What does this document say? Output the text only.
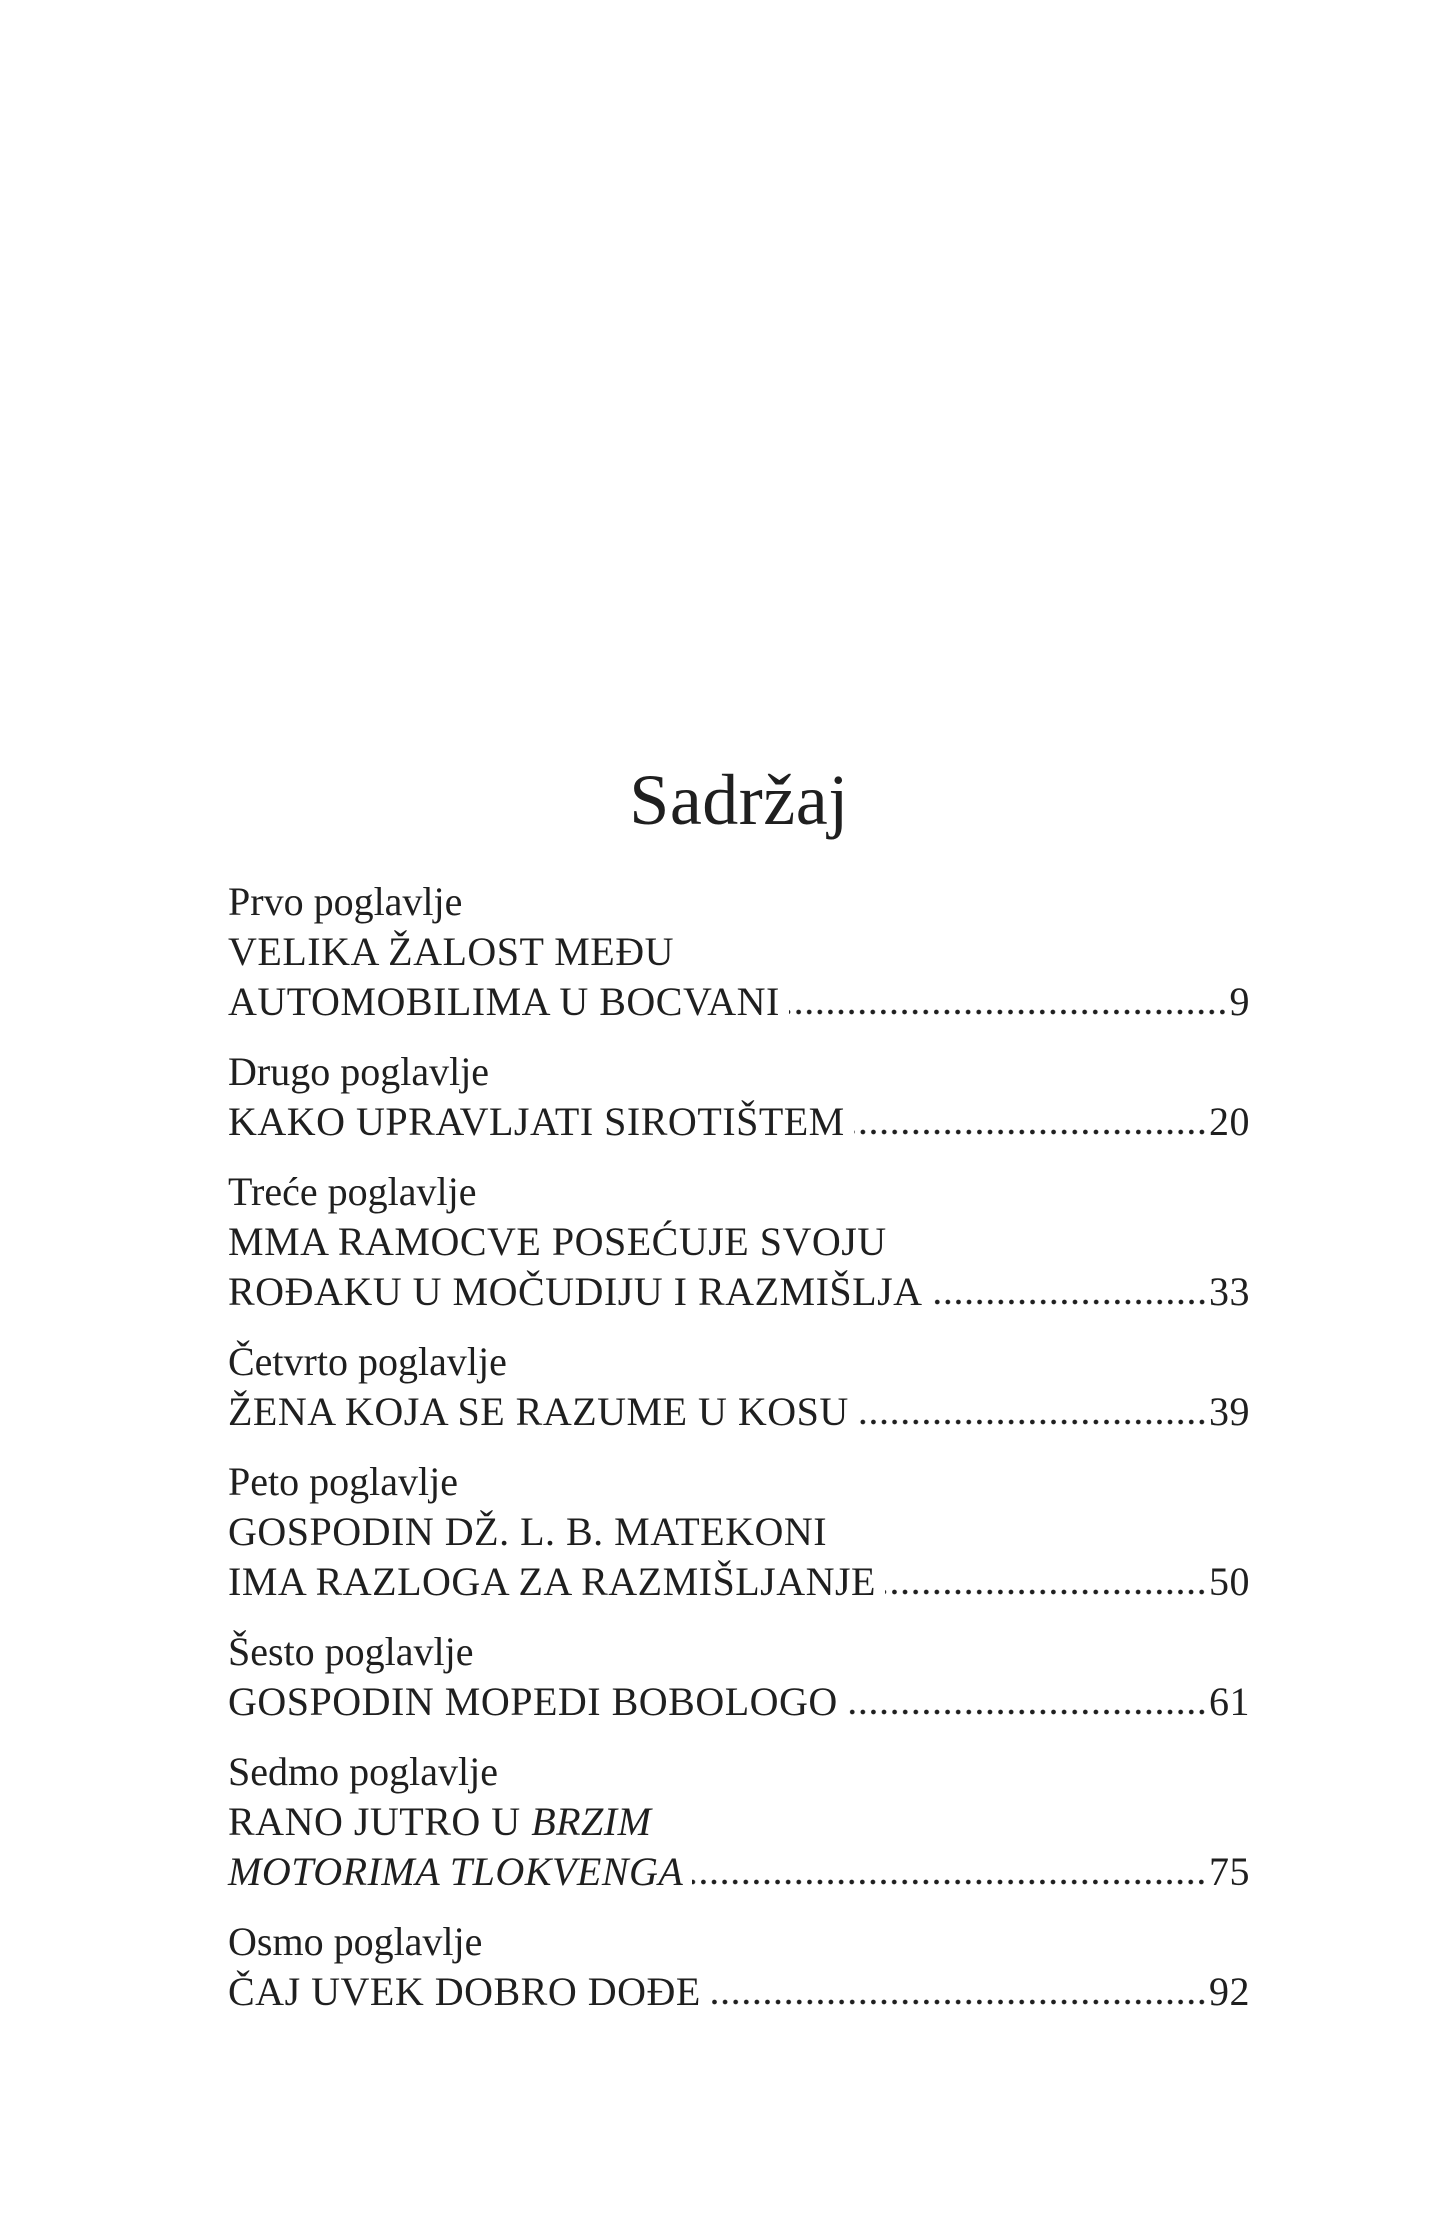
Sadržaj
Prvo poglavlje
VELIKA ŽALOST MEĐU
AUTOMOBILIMA U BOCVANI	9
Drugo poglavlje
KAKO UPRAVLJATI SIROTIŠTEM	20
Treće poglavlje
MMA RAMOCVE POSEĆUJE SVOJU
ROĐAKU U MOČUDIJU I RAZMIŠLJA	33
Četvrto poglavlje
ŽENA KOJA SE RAZUME U KOSU	39
Peto poglavlje
GOSPODIN DŽ. L. B. MATEKONI
IMA RAZLOGA ZA RAZMIŠLJANJE	50
Šesto poglavlje
GOSPODIN MOPEDI BOBOLOGO	61
Sedmo poglavlje
RANO JUTRO U BRZIM
MOTORIMA TLOKVENGA	75
Osmo poglavlje
ČAJ UVEK DOBRO DOĐE	92
